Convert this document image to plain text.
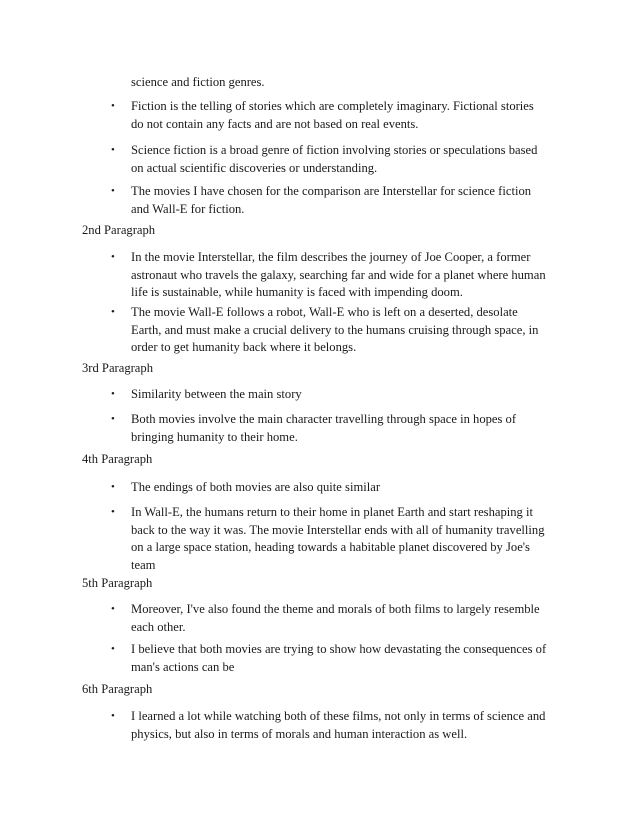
science and fiction genres.
•	Fiction is the telling of stories which are completely imaginary. Fictional stories do not contain any facts and are not based on real events.
•	Science fiction is a broad genre of fiction involving stories or speculations based on actual scientific discoveries or understanding.
•	The movies I have chosen for the comparison are Interstellar for science fiction and Wall-E for fiction.
2nd Paragraph
•	In the movie Interstellar, the film describes the journey of Joe Cooper, a former astronaut who travels the galaxy, searching far and wide for a planet where human life is sustainable, while humanity is faced with impending doom.
•	The movie Wall-E follows a robot, Wall-E who is left on a deserted, desolate Earth, and must make a crucial delivery to the humans cruising through space, in order to get humanity back where it belongs.
3rd Paragraph
•	Similarity between the main story
•	Both movies involve the main character travelling through space in hopes of bringing humanity to their home.
4th Paragraph
•	The endings of both movies are also quite similar
•	In Wall-E, the humans return to their home in planet Earth and start reshaping it back to the way it was. The movie Interstellar ends with all of humanity travelling on a large space station, heading towards a habitable planet discovered by Joe's team
5th Paragraph
•	Moreover, I've also found the theme and morals of both films to largely resemble each other.
•	I believe that both movies are trying to show how devastating the consequences of man's actions can be
6th Paragraph
•	I learned a lot while watching both of these films, not only in terms of science and physics, but also in terms of morals and human interaction as well.
